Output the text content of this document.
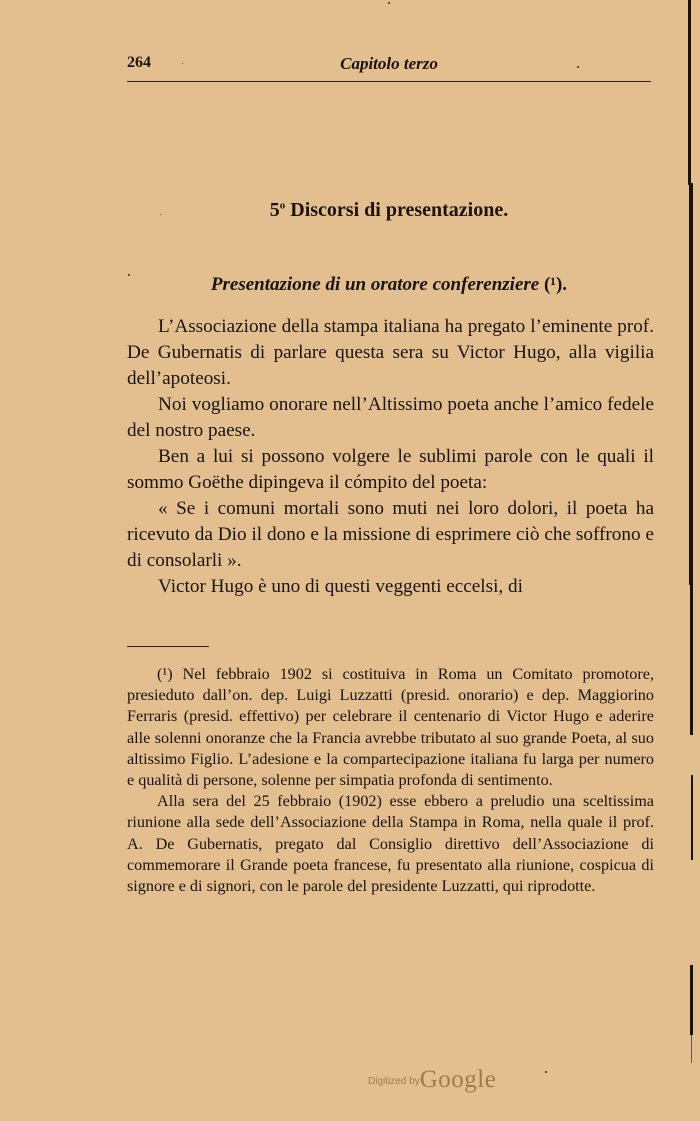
264	Capitolo terzo
5$^o$ Discorsi di presentazione.
Presentazione di un oratore conferenziere (¹).

L’Associazione della stampa italiana ha pregato l’eminente prof. De Gubernatis di parlare questa sera su Victor Hugo, alla vigilia dell’apoteosi.

Noi vogliamo onorare nell’Altissimo poeta anche l’amico fedele del nostro paese.

Ben a lui si possono volgere le sublimi parole con le quali il sommo Goëthe dipingeva il cómpito del poeta:

« Se i comuni mortali sono muti nei loro dolori, il poeta ha ricevuto da Dio il dono e la missione di esprimere ciò che soffrono e di consolarli ».

Victor Hugo è uno di questi veggenti eccelsi, di

(¹) Nel febbraio 1902 si costituiva in Roma un Comitato promotore, presieduto dall’on. dep. Luigi Luzzatti (presid. onorario) e dep. Maggiorino Ferraris (presid. effettivo) per celebrare il centenario di Victor Hugo e aderire alle solenni onoranze che la Francia avrebbe tributato al suo grande Poeta, al suo altissimo Figlio. L’adesione e la compartecipazione italiana fu larga per numero e qualità di persone, solenne per simpatia profonda di sentimento.

Alla sera del 25 febbraio (1902) esse ebbero a preludio una sceltissima riunione alla sede dell’Associazione della Stampa in Roma, nella quale il prof. A. De Gubernatis, pregato dal Consiglio direttivo dell’Associazione di commemorare il Grande poeta francese, fu presentato alla riunione, cospicua di signore e di signori, con le parole del presidente Luzzatti, qui riprodotte.

Digitized byGoogle
